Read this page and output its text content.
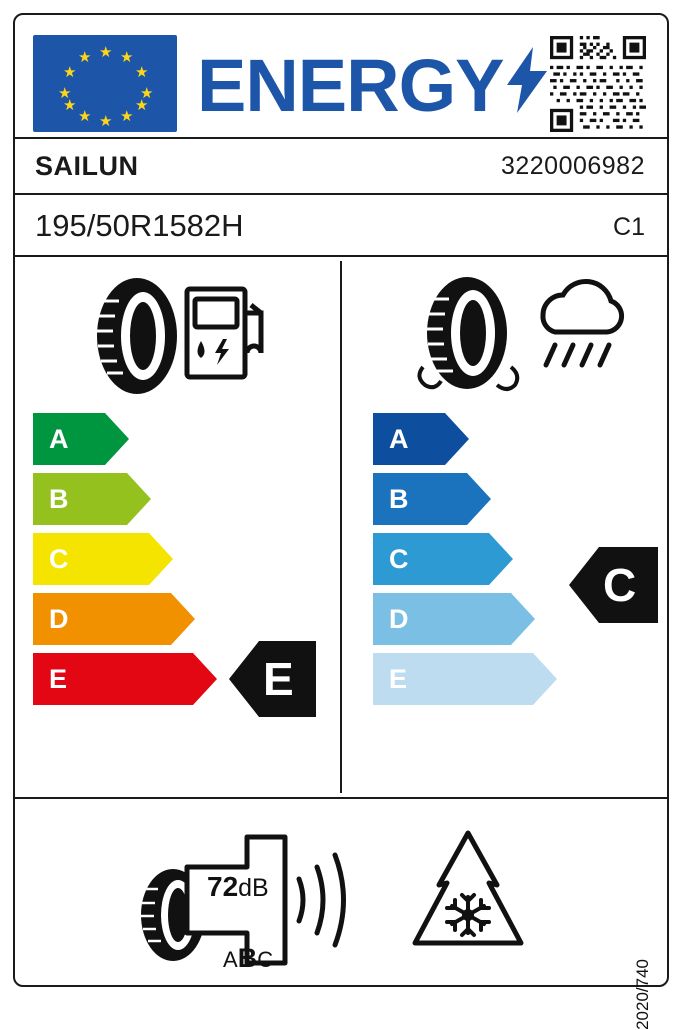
★ ★
★
★
★
★
★
★
★
★
★
★ ENERGY
SAILUN	3220006982
195/50R1582H	C1
A
B
C
D
E	E
A
B
C
D
E
C
72dB
ABC	2020/740
